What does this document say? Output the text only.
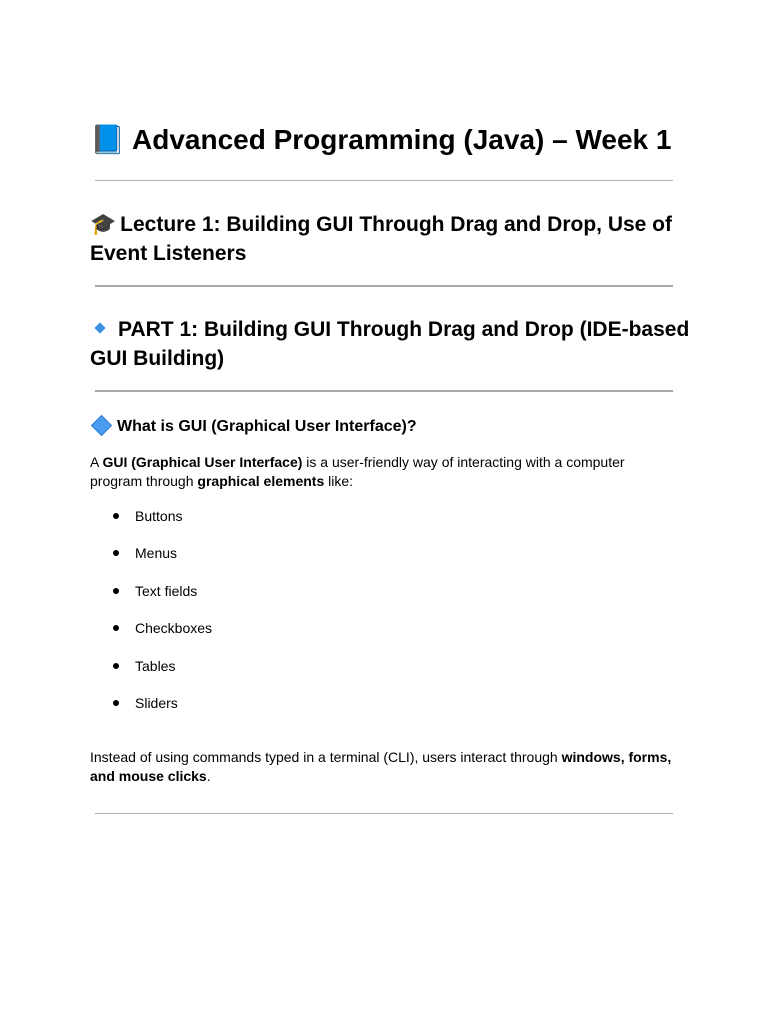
📘 Advanced Programming (Java) – Week 1
🎓 Lecture 1: Building GUI Through Drag and Drop, Use of Event Listeners
PART 1: Building GUI Through Drag and Drop (IDE-based GUI Building)
What is GUI (Graphical User Interface)?

A GUI (Graphical User Interface) is a user-friendly way of interacting with a computer program through graphical elements like:

Buttons
Menus
Text fields
Checkboxes
Tables
Sliders

Instead of using commands typed in a terminal (CLI), users interact through windows, forms, and mouse clicks.
